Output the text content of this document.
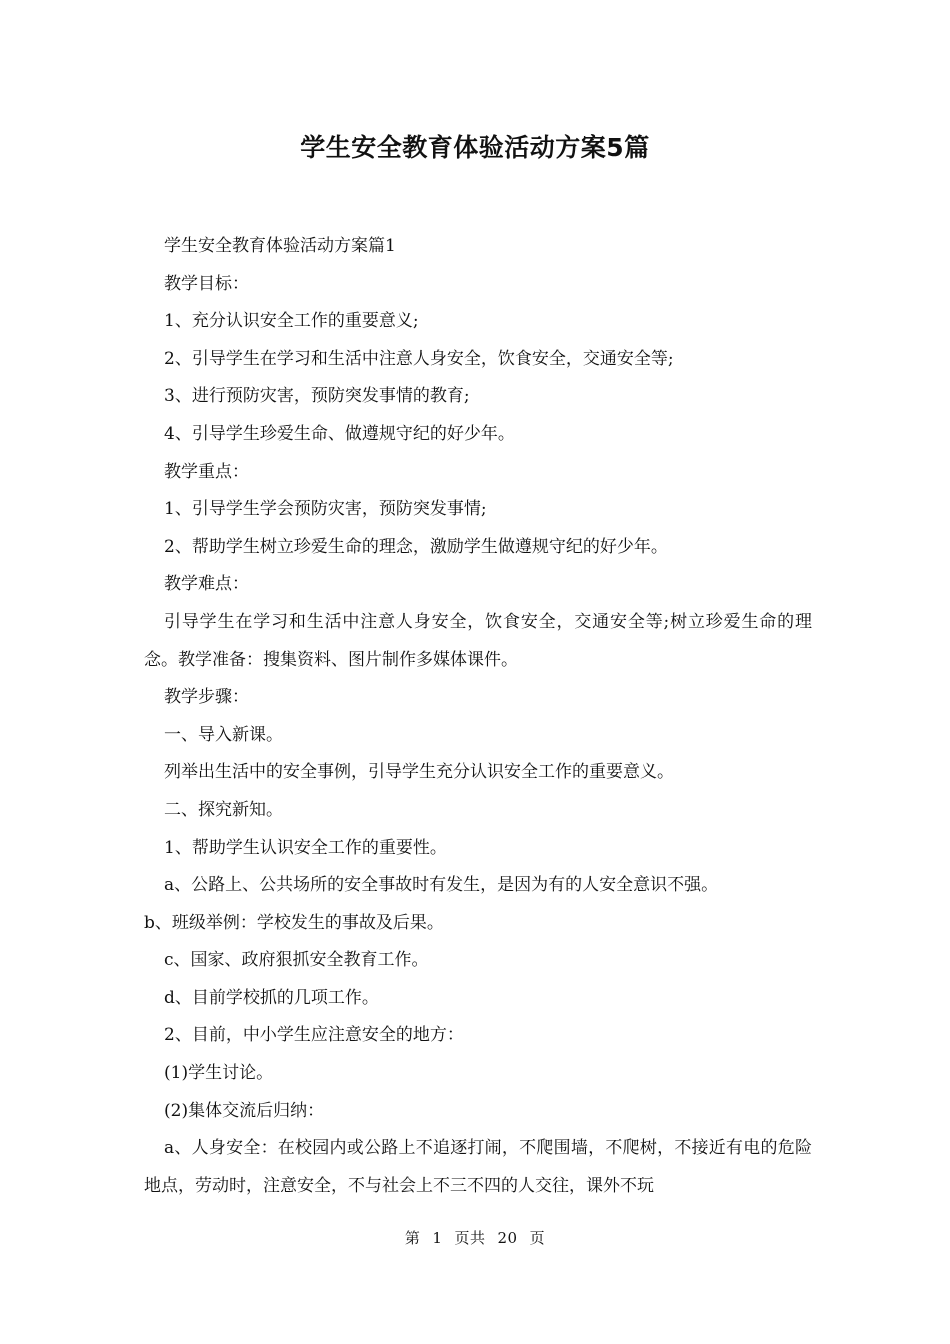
学生安全教育体验活动方案5篇

学生安全教育体验活动方案篇1

教学目标：

1、充分认识安全工作的重要意义;

2、引导学生在学习和生活中注意人身安全，饮食安全，交通安全等;

3、进行预防灾害，预防突发事情的教育;

4、引导学生珍爱生命、做遵规守纪的好少年。

教学重点：

1、引导学生学会预防灾害，预防突发事情;

2、帮助学生树立珍爱生命的理念，激励学生做遵规守纪的好少年。

教学难点：

引导学生在学习和生活中注意人身安全，饮食安全，交通安全等;树立珍爱生命的理念。教学准备：搜集资料、图片制作多媒体课件。

教学步骤：

一、导入新课。

列举出生活中的安全事例，引导学生充分认识安全工作的重要意义。

二、探究新知。

1、帮助学生认识安全工作的重要性。

a、公路上、公共场所的安全事故时有发生，是因为有的人安全意识不强。

b、班级举例：学校发生的事故及后果。

c、国家、政府狠抓安全教育工作。

d、目前学校抓的几项工作。

2、目前，中小学生应注意安全的地方：

(1)学生讨论。

(2)集体交流后归纳：

a、人身安全：在校园内或公路上不追逐打闹，不爬围墙，不爬树，不接近有电的危险地点，劳动时，注意安全，不与社会上不三不四的人交往，课外不玩

第 1 页共 20 页
